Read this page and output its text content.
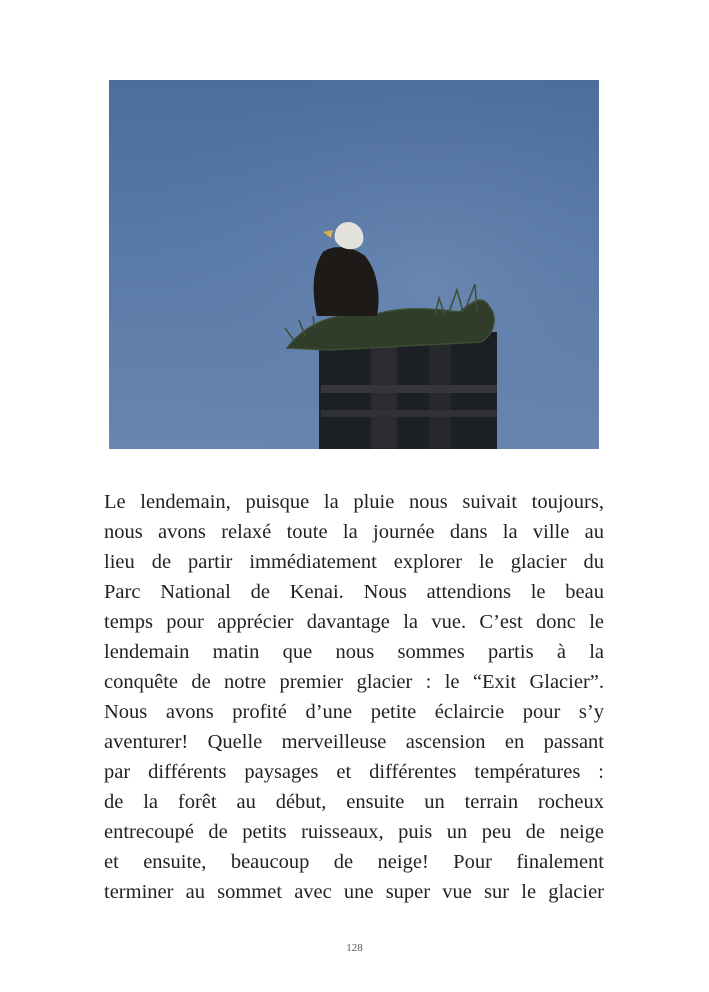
Le lendemain, puisque la pluie nous suivait toujours,
nous avons relaxé toute la journée dans la ville au
lieu de partir immédiatement explorer le glacier du
Parc National de Kenai. Nous attendions le beau
temps pour apprécier davantage la vue. C’est donc le
lendemain matin que nous sommes partis à la
conquête de notre premier glacier : le “Exit Glacier”.
Nous avons profité d’une petite éclaircie pour s’y
aventurer! Quelle merveilleuse ascension en passant
par différents paysages et différentes températures :
de la forêt au début, ensuite un terrain rocheux
entrecoupé de petits ruisseaux, puis un peu de neige
et ensuite, beaucoup de neige! Pour finalement
terminer au sommet avec une super vue sur le glacier

128
